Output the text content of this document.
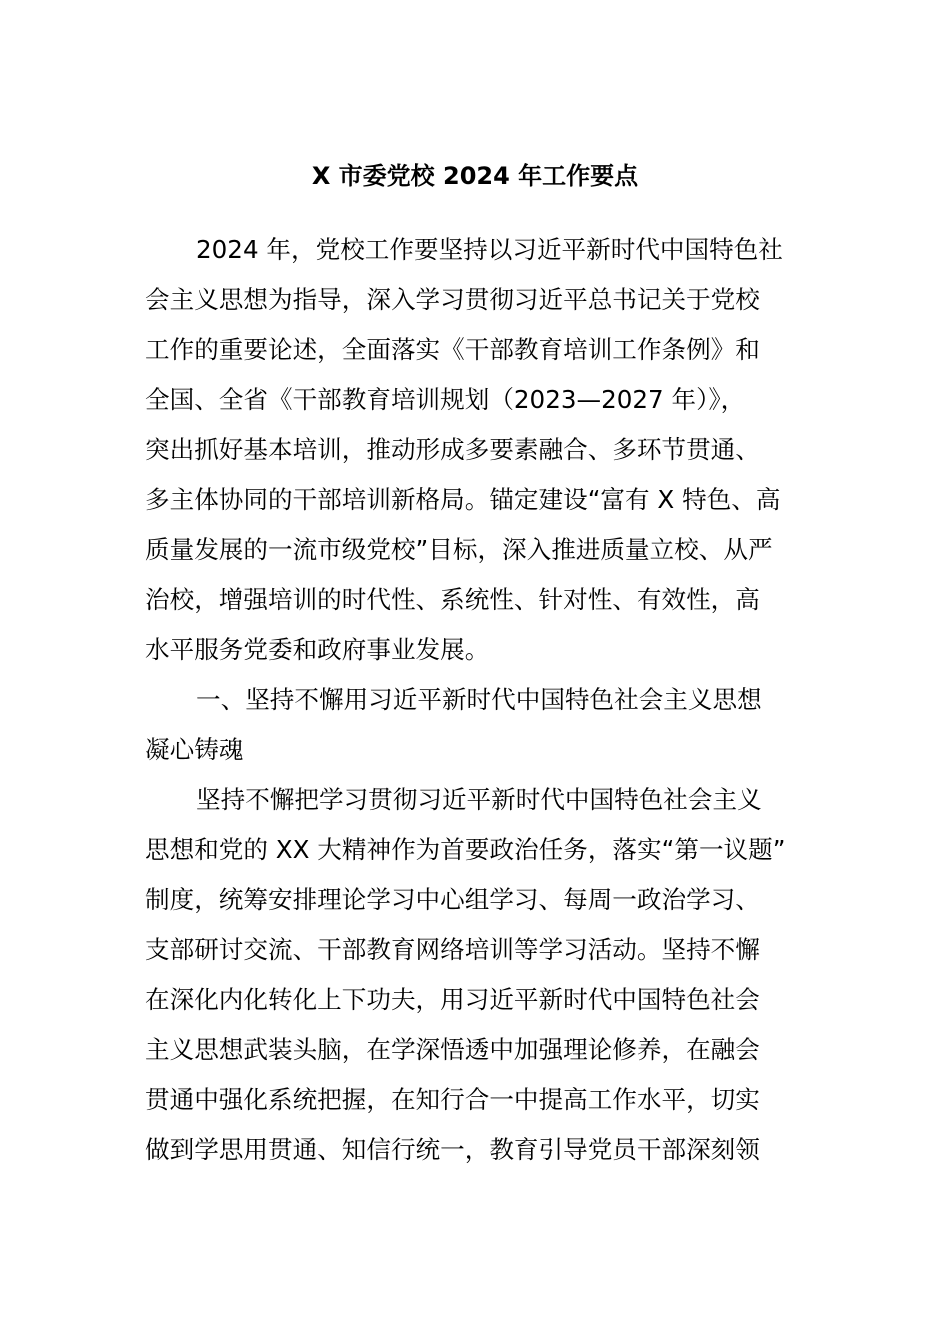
X 市委党校 2024 年工作要点
2024 年，党校工作要坚持以习近平新时代中国特色社
会主义思想为指导，深入学习贯彻习近平总书记关于党校
工作的重要论述，全面落实《干部教育培训工作条例》和
全国、全省《干部教育培训规划（2023—2027 年）》，
突出抓好基本培训，推动形成多要素融合、多环节贯通、
多主体协同的干部培训新格局。锚定建设“富有 X 特色、高
质量发展的一流市级党校”目标，深入推进质量立校、从严
治校，增强培训的时代性、系统性、针对性、有效性，高
水平服务党委和政府事业发展。
一、坚持不懈用习近平新时代中国特色社会主义思想
凝心铸魂
坚持不懈把学习贯彻习近平新时代中国特色社会主义
思想和党的 XX 大精神作为首要政治任务，落实“第一议题”
制度，统筹安排理论学习中心组学习、每周一政治学习、
支部研讨交流、干部教育网络培训等学习活动。坚持不懈
在深化内化转化上下功夫，用习近平新时代中国特色社会
主义思想武装头脑，在学深悟透中加强理论修养，在融会
贯通中强化系统把握，在知行合一中提高工作水平，切实
做到学思用贯通、知信行统一，教育引导党员干部深刻领
